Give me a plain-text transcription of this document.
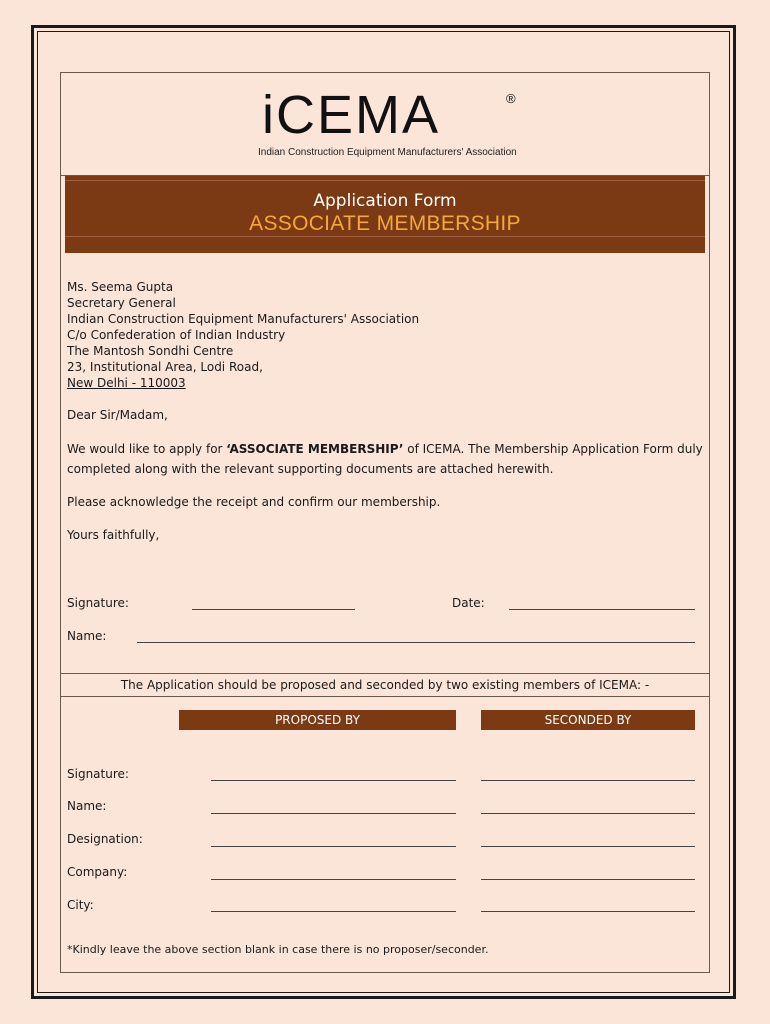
iCEMA	®
Indian Construction Equipment Manufacturers' Association
Application Form
ASSOCIATE MEMBERSHIP
Ms. Seema Gupta
Secretary General
Indian Construction Equipment Manufacturers' Association
C/o Confederation of Indian Industry
The Mantosh Sondhi Centre
23, Institutional Area, Lodi Road,
New Delhi - 110003
Dear Sir/Madam,
We would like to apply for ‘ASSOCIATE MEMBERSHIP’ of ICEMA. The Membership Application Form duly completed along with the relevant supporting documents are attached herewith.
Please acknowledge the receipt and confirm our membership.
Yours faithfully,
Signature:	Date:
Name:
The Application should be proposed and seconded by two existing members of ICEMA: -
PROPOSED BY	SECONDED BY
Signature:
Name:
Designation:
Company:
City:
*Kindly leave the above section blank in case there is no proposer/seconder.
